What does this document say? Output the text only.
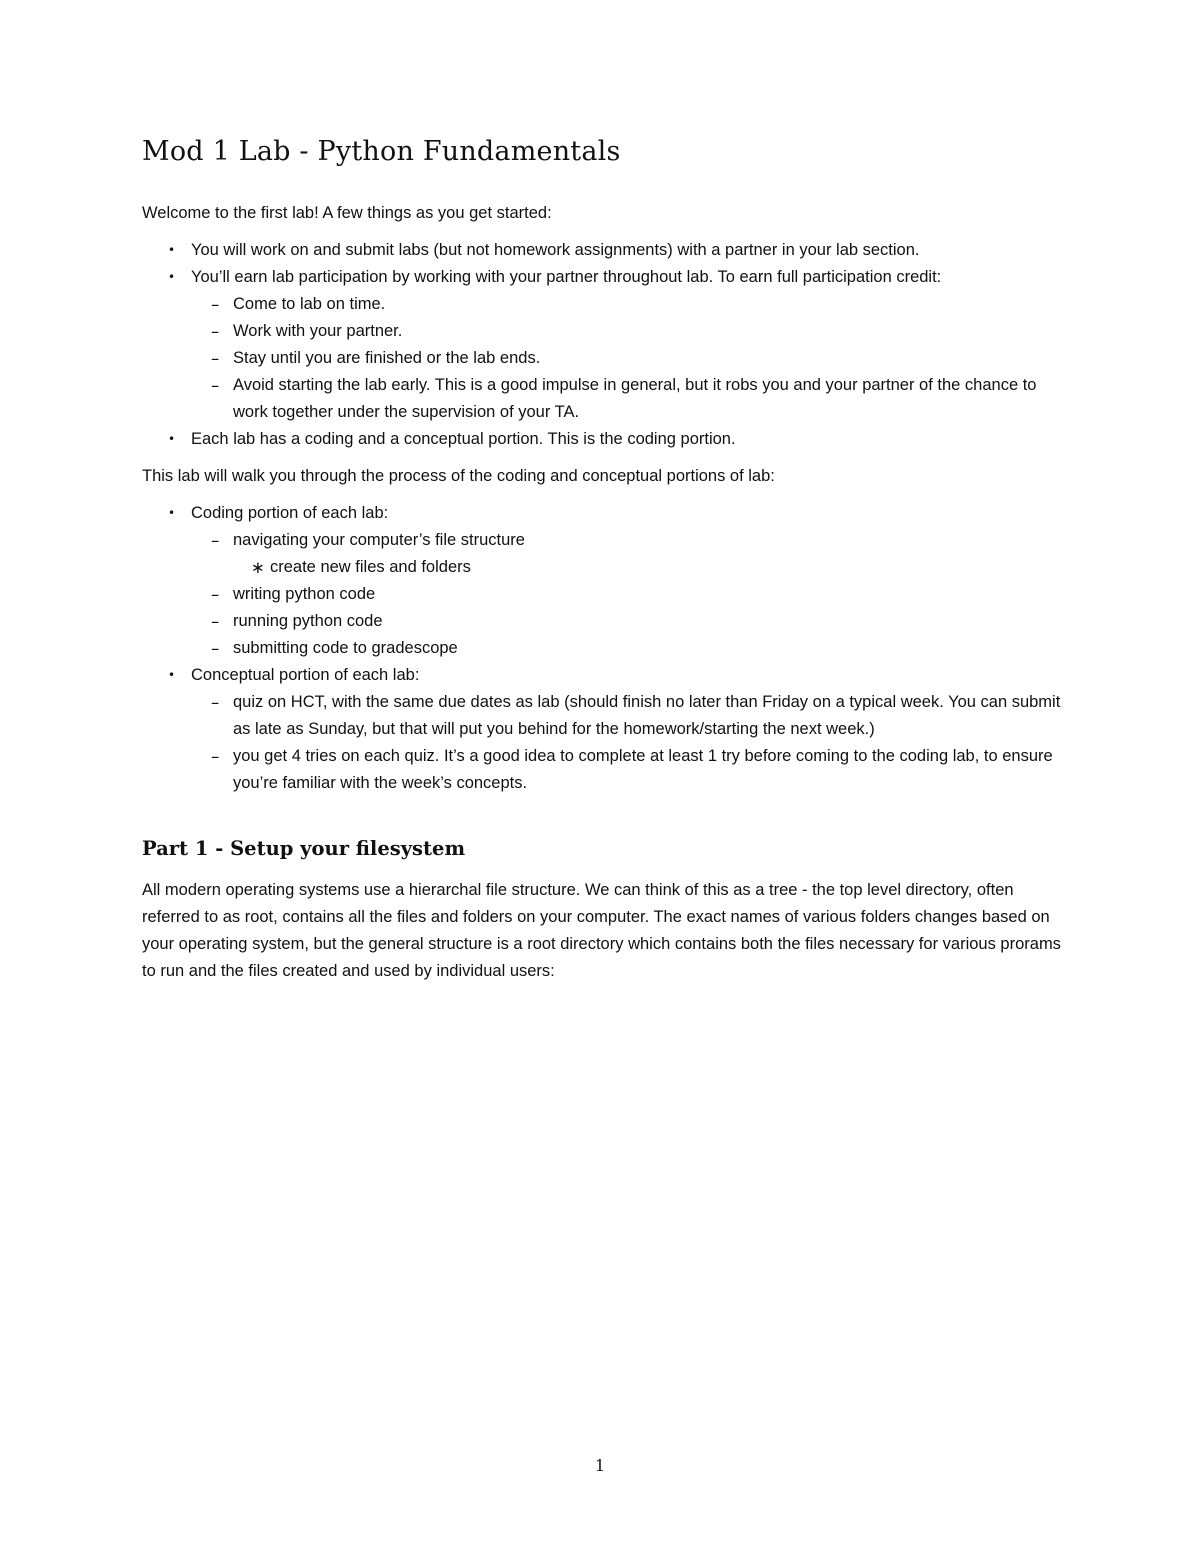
Mod 1 Lab - Python Fundamentals

Welcome to the first lab! A few things as you get started:

• You will work on and submit labs (but not homework assignments) with a partner in your lab section.
• You’ll earn lab participation by working with your partner throughout lab. To earn full participation credit:
– Come to lab on time.
– Work with your partner.
– Stay until you are finished or the lab ends.
– Avoid starting the lab early. This is a good impulse in general, but it robs you and your partner of the chance to work together under the supervision of your TA.
• Each lab has a coding and a conceptual portion. This is the coding portion.

This lab will walk you through the process of the coding and conceptual portions of lab:

• Coding portion of each lab:
– navigating your computer’s file structure
∗ create new files and folders
– writing python code
– running python code
– submitting code to gradescope
• Conceptual portion of each lab:
– quiz on HCT, with the same due dates as lab (should finish no later than Friday on a typical week. You can submit as late as Sunday, but that will put you behind for the homework/starting the next week.)
– you get 4 tries on each quiz. It’s a good idea to complete at least 1 try before coming to the coding lab, to ensure you’re familiar with the week’s concepts.
Part 1 - Setup your filesystem

All modern operating systems use a hierarchal file structure. We can think of this as a tree - the top level directory, often referred to as root, contains all the files and folders on your computer. The exact names of various folders changes based on your operating system, but the general structure is a root directory which contains both the files necessary for various prorams to run and the files created and used by individual users:

1
